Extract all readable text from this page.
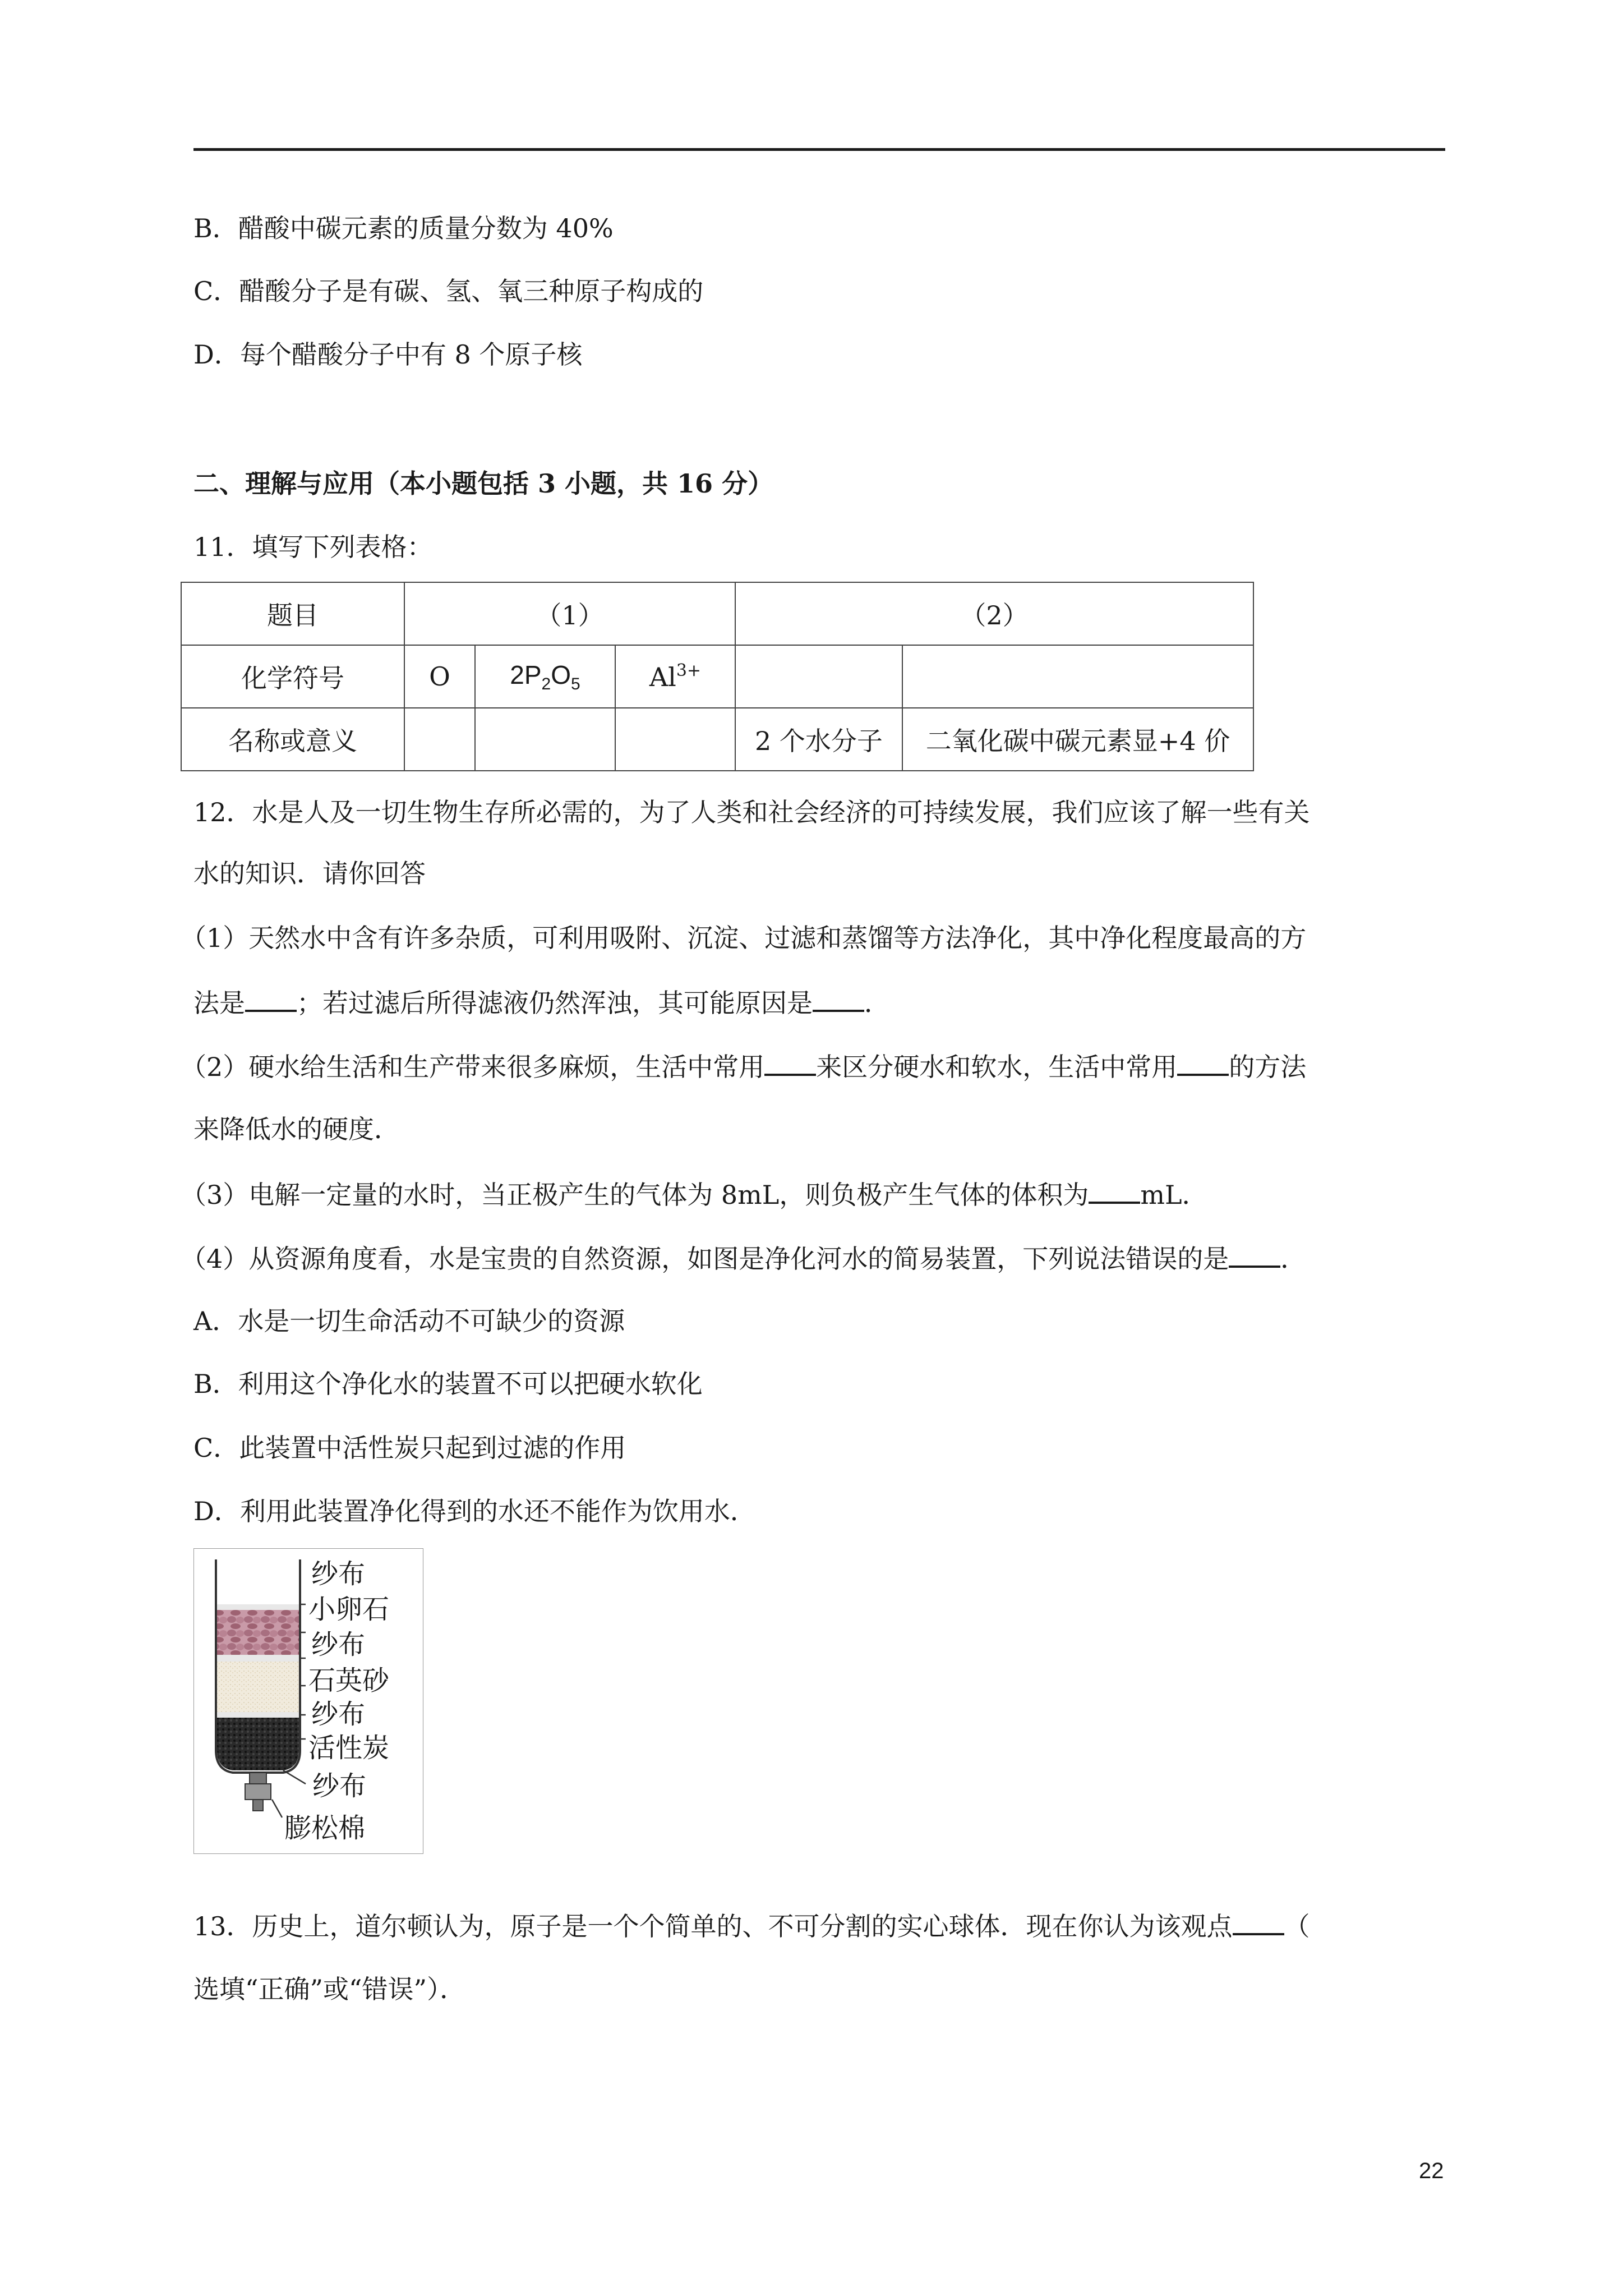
B．醋酸中碳元素的质量分数为 40%
C．醋酸分子是有碳、氢、氧三种原子构成的
D．每个醋酸分子中有 8 个原子核
二、理解与应用（本小题包括 3 小题，共 16 分）
11．填写下列表格：
题目	（1）			（2）	
化学符号	O	$2P_2O_5$	$Al^{3+}$		
名称或意义				2 个水分子	二氧化碳中碳元素显+4 价
12．水是人及一切生物生存所必需的，为了人类和社会经济的可持续发展，我们应该了解一些有关
水的知识．请你回答
（1）天然水中含有许多杂质，可利用吸附、沉淀、过滤和蒸馏等方法净化，其中净化程度最高的方
法是 ；若过滤后所得滤液仍然浑浊，其可能原因是 ．
（2）硬水给生活和生产带来很多麻烦，生活中常用 来区分硬水和软水，生活中常用 的方法
来降低水的硬度．
（3）电解一定量的水时，当正极产生的气体为 8mL，则负极产生气体的体积为 mL．
（4）从资源角度看，水是宝贵的自然资源，如图是净化河水的简易装置，下列说法错误的是 ．
A．水是一切生命活动不可缺少的资源
B．利用这个净化水的装置不可以把硬水软化
C．此装置中活性炭只起到过滤的作用
D．利用此装置净化得到的水还不能作为饮用水．
纱布
小卵石
纱布
石英砂
纱布
活性炭
纱布
膨松棉
13．历史上，道尔顿认为，原子是一个个简单的、不可分割的实心球体．现在你认为该观点 （
选填“正确”或“错误”）．
22
